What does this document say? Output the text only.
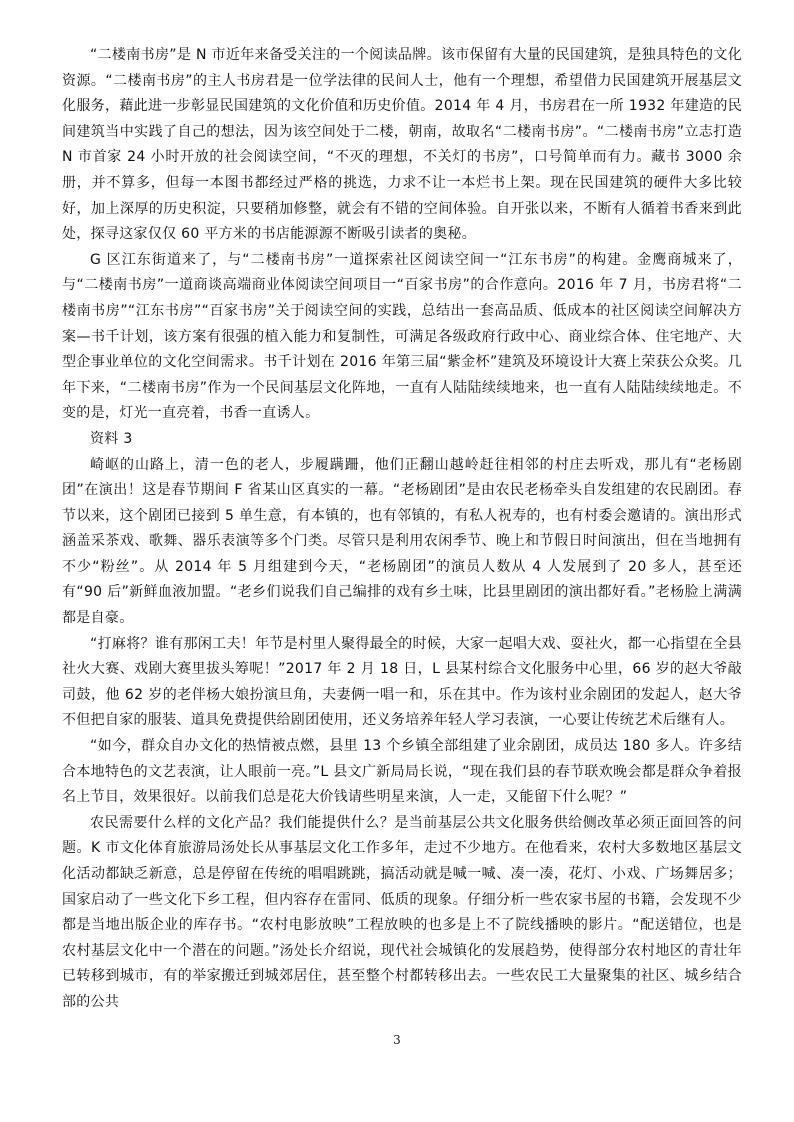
“二楼南书房”是 N 市近年来备受关注的一个阅读品牌。该市保留有大量的民国建筑，是独具特色的文化资源。“二楼南书房”的主人书房君是一位学法律的民间人士，他有一个理想，希望借力民国建筑开展基层文化服务，藉此进一步彰显民国建筑的文化价值和历史价值。2014 年 4 月，书房君在一所 1932 年建造的民间建筑当中实践了自己的想法，因为该空间处于二楼，朝南，故取名“二楼南书房”。“二楼南书房”立志打造 N 市首家 24 小时开放的社会阅读空间，“不灭的理想，不关灯的书房”，口号简单而有力。藏书 3000 余册，并不算多，但每一本图书都经过严格的挑选，力求不让一本烂书上架。现在民国建筑的硬件大多比较好，加上深厚的历史积淀，只要稍加修整，就会有不错的空间体验。自开张以来，不断有人循着书香来到此处，探寻这家仅仅 60 平方米的书店能源源不断吸引读者的奥秘。

G 区江东街道来了，与“二楼南书房”一道探索社区阅读空间一“江东书房”的构建。金鹰商城来了，与“二楼南书房”一道商谈高端商业体阅读空间项目一“百家书房”的合作意向。2016 年 7 月，书房君将“二楼南书房”“江东书房”“百家书房”关于阅读空间的实践，总结出一套高品质、低成本的社区阅读空间解决方案—书千计划，该方案有很强的植入能力和复制性，可满足各级政府行政中心、商业综合体、住宅地产、大型企事业单位的文化空间需求。书千计划在 2016 年第三届“紫金杯”建筑及环境设计大赛上荣获公众奖。几年下来，“二楼南书房”作为一个民间基层文化阵地，一直有人陆陆续续地来，也一直有人陆陆续续地走。不变的是，灯光一直亮着，书香一直诱人。

资料 3

崎岖的山路上，清一色的老人，步履蹒跚，他们正翻山越岭赶往相邻的村庄去听戏，那儿有“老杨剧团”在演出！这是春节期间 F 省某山区真实的一幕。“老杨剧团”是由农民老杨牵头自发组建的农民剧团。春节以来，这个剧团已接到 5 单生意，有本镇的，也有邻镇的，有私人祝寿的，也有村委会邀请的。演出形式涵盖采茶戏、歌舞、器乐表演等多个门类。尽管只是利用农闲季节、晚上和节假日时间演出，但在当地拥有不少“粉丝”。从 2014 年 5 月组建到今天，“老杨剧团”的演员人数从 4 人发展到了 20 多人，甚至还有“90 后”新鲜血液加盟。“老乡们说我们自己编排的戏有乡土味，比县里剧团的演出都好看。”老杨脸上满满都是自豪。

“打麻将？谁有那闲工夫！年节是村里人聚得最全的时候，大家一起唱大戏、耍社火，都一心指望在全县社火大赛、戏剧大赛里拔头筹呢！”2017 年 2 月 18 日，L 县某村综合文化服务中心里，66 岁的赵大爷敲司鼓，他 62 岁的老伴杨大娘扮演旦角，夫妻俩一唱一和，乐在其中。作为该村业余剧团的发起人，赵大爷不但把自家的服装、道具免费提供给剧团使用，还义务培养年轻人学习表演，一心要让传统艺术后继有人。

“如今，群众自办文化的热情被点燃，县里 13 个乡镇全部组建了业余剧团，成员达 180 多人。许多结合本地特色的文艺表演，让人眼前一亮。”L 县文广新局局长说，“现在我们县的春节联欢晚会都是群众争着报名上节目，效果很好。以前我们总是花大价钱请些明星来演，人一走，又能留下什么呢？”

农民需要什么样的文化产品？我们能提供什么？是当前基层公共文化服务供给侧改革必须正面回答的问题。K 市文化体育旅游局汤处长从事基层文化工作多年，走过不少地方。在他看来，农村大多数地区基层文化活动都缺乏新意，总是停留在传统的唱唱跳跳，搞活动就是喊一喊、凑一凑，花灯、小戏、广场舞居多；国家启动了一些文化下乡工程，但内容存在雷同、低质的现象。仔细分析一些农家书屋的书籍，会发现不少都是当地出版企业的库存书。“农村电影放映”工程放映的也多是上不了院线播映的影片。“配送错位，也是农村基层文化中一个潜在的问题。”汤处长介绍说，现代社会城镇化的发展趋势，使得部分农村地区的青壮年已转移到城市，有的举家搬迁到城郊居住，甚至整个村都转移出去。一些农民工大量聚集的社区、城乡结合部的公共

3
